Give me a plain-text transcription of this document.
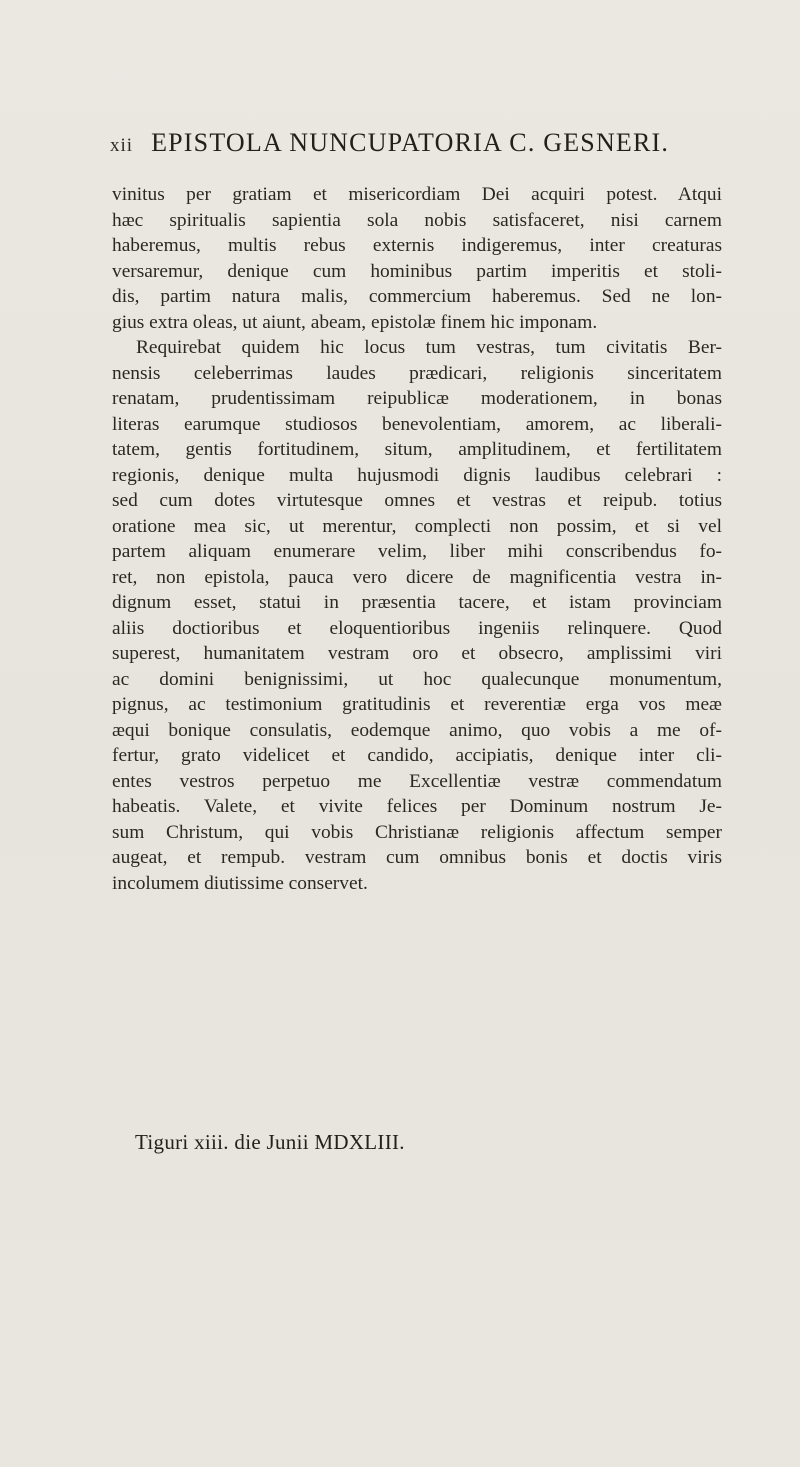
xii EPISTOLA NUNCUPATORIA C. GESNERI.
vinitus per gratiam et misericordiam Dei acquiri potest. Atqui
hæc spiritualis sapientia sola nobis satisfaceret, nisi carnem
haberemus, multis rebus externis indigeremus, inter creaturas
versaremur, denique cum hominibus partim imperitis et stoli-
dis, partim natura malis, commercium haberemus. Sed ne lon-
gius extra oleas, ut aiunt, abeam, epistolæ finem hic imponam.
Requirebat quidem hic locus tum vestras, tum civitatis Ber-
nensis celeberrimas laudes prædicari, religionis sinceritatem
renatam, prudentissimam reipublicæ moderationem, in bonas
literas earumque studiosos benevolentiam, amorem, ac liberali-
tatem, gentis fortitudinem, situm, amplitudinem, et fertilitatem
regionis, denique multa hujusmodi dignis laudibus celebrari :
sed cum dotes virtutesque omnes et vestras et reipub. totius
oratione mea sic, ut merentur, complecti non possim, et si vel
partem aliquam enumerare velim, liber mihi conscribendus fo-
ret, non epistola, pauca vero dicere de magnificentia vestra in-
dignum esset, statui in præsentia tacere, et istam provinciam
aliis doctioribus et eloquentioribus ingeniis relinquere. Quod
superest, humanitatem vestram oro et obsecro, amplissimi viri
ac domini benignissimi, ut hoc qualecunque monumentum,
pignus, ac testimonium gratitudinis et reverentiæ erga vos meæ
æqui bonique consulatis, eodemque animo, quo vobis a me of-
fertur, grato videlicet et candido, accipiatis, denique inter cli-
entes vestros perpetuo me Excellentiæ vestræ commendatum
habeatis. Valete, et vivite felices per Dominum nostrum Je-
sum Christum, qui vobis Christianæ religionis affectum semper
augeat, et rempub. vestram cum omnibus bonis et doctis viris
incolumem diutissime conservet.
Tiguri xiii. die Junii MDXLIII.
